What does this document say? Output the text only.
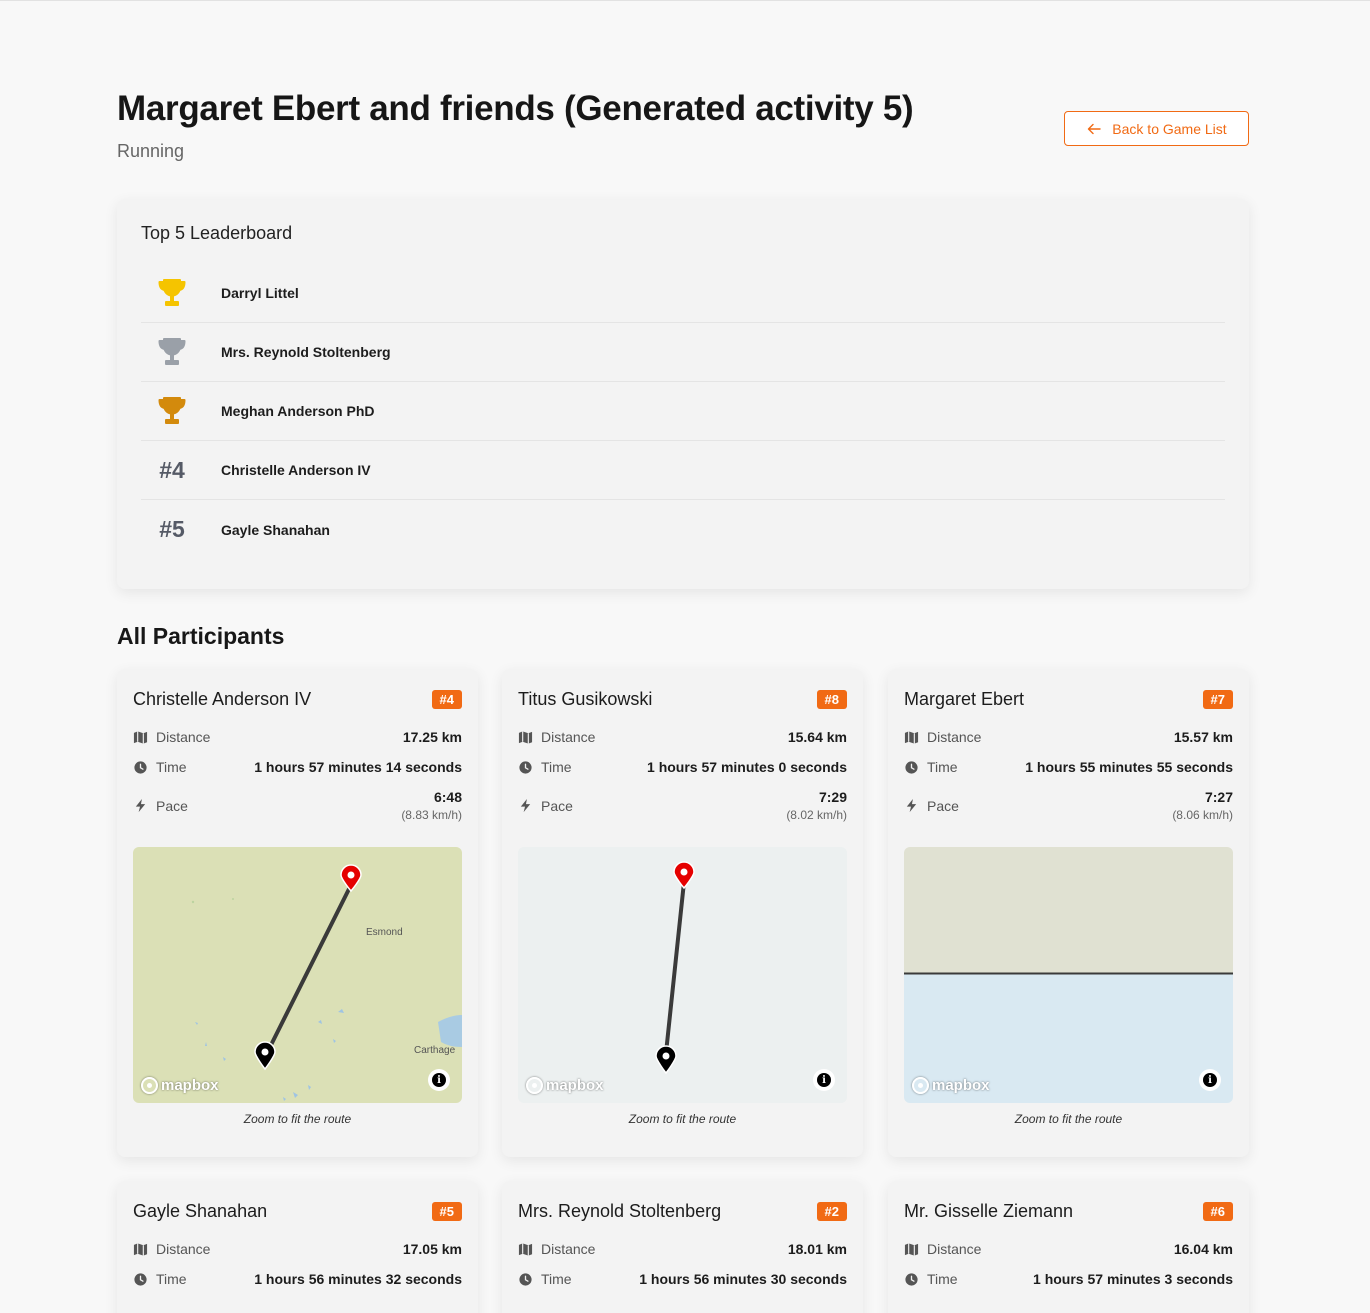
Margaret Ebert and friends (Generated activity 5)
Running
Back to Game List
Top 5 Leaderboard
Darryl Littel
Mrs. Reynold Stoltenberg
Meghan Anderson PhD
#4	Christelle Anderson IV
#5	Gayle Shanahan
All Participants
Christelle Anderson IV	#4
Distance	17.25 km
Time	1 hours 57 minutes 14 seconds
Pace
6:48
(8.83 km/h)
Esmond
Carthage
mapbox	i
Zoom to fit the route
Titus Gusikowski	#8
Distance	15.64 km
Time	1 hours 57 minutes 0 seconds
Pace
7:29
(8.02 km/h)
mapbox	i
Zoom to fit the route
Margaret Ebert	#7
Distance	15.57 km
Time	1 hours 55 minutes 55 seconds
Pace
7:27
(8.06 km/h)
mapbox	i
Zoom to fit the route
Gayle Shanahan	#5
Distance	17.05 km
Time	1 hours 56 minutes 32 seconds
Mrs. Reynold Stoltenberg	#2
Distance	18.01 km
Time	1 hours 56 minutes 30 seconds
Mr. Gisselle Ziemann	#6
Distance	16.04 km
Time	1 hours 57 minutes 3 seconds
